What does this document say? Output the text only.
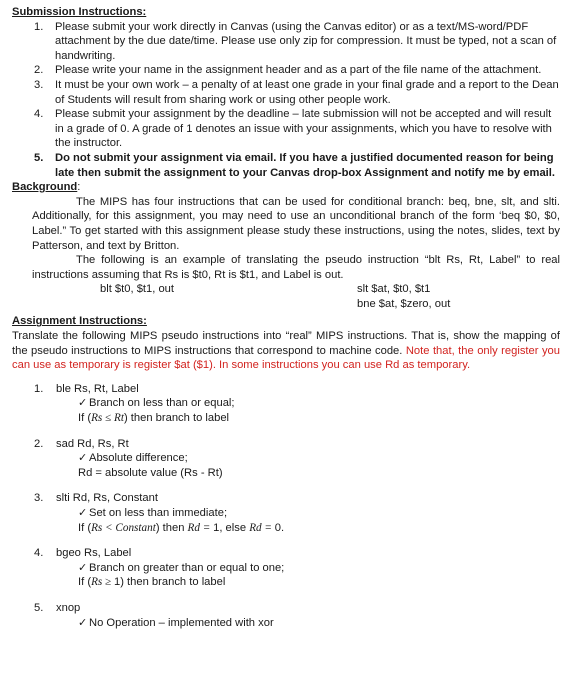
Submission Instructions:
1. Please submit your work directly in Canvas (using the Canvas editor) or as a text/MS-word/PDF attachment by the due date/time. Please use only zip for compression. It must be typed, not a scan of handwriting.
2. Please write your name in the assignment header and as a part of the file name of the attachment.
3. It must be your own work – a penalty of at least one grade in your final grade and a report to the Dean of Students will result from sharing work or using other people work.
4. Please submit your assignment by the deadline – late submission will not be accepted and will result in a grade of 0. A grade of 1 denotes an issue with your assignments, which you have to resolve with the instructor.
5. Do not submit your assignment via email. If you have a justified documented reason for being late then submit the assignment to your Canvas drop-box Assignment and notify me by email.
Background:
The MIPS has four instructions that can be used for conditional branch: beq, bne, slt, and slti. Additionally, for this assignment, you may need to use an unconditional branch of the form ‘beq $0, $0, Label.” To get started with this assignment please study these instructions, using the notes, slides, text by Patterson, and text by Britton.
The following is an example of translating the pseudo instruction “blt Rs, Rt, Label” to real instructions assuming that Rs is $t0, Rt is $t1, and Label is out.
blt $t0, $t1, out	slt $at, $t0, $t1
bne $at, $zero, out
Assignment Instructions:
Translate the following MIPS pseudo instructions into “real” MIPS instructions. That is, show the mapping of the pseudo instructions to MIPS instructions that correspond to machine code. Note that, the only register you can use as temporary is register $at ($1). In some instructions you can use Rd as temporary.
1. ble Rs, Rt, Label
✓ Branch on less than or equal;
If (Rs ≤ Rt) then branch to label
2. sad Rd, Rs, Rt
✓ Absolute difference;
Rd = absolute value (Rs - Rt)
3. slti Rd, Rs, Constant
✓ Set on less than immediate;
If (Rs < Constant) then Rd = 1, else Rd = 0.
4. bgeo Rs, Label
✓ Branch on greater than or equal to one;
If (Rs ≥ 1) then branch to label
5. xnop
✓ No Operation – implemented with xor
